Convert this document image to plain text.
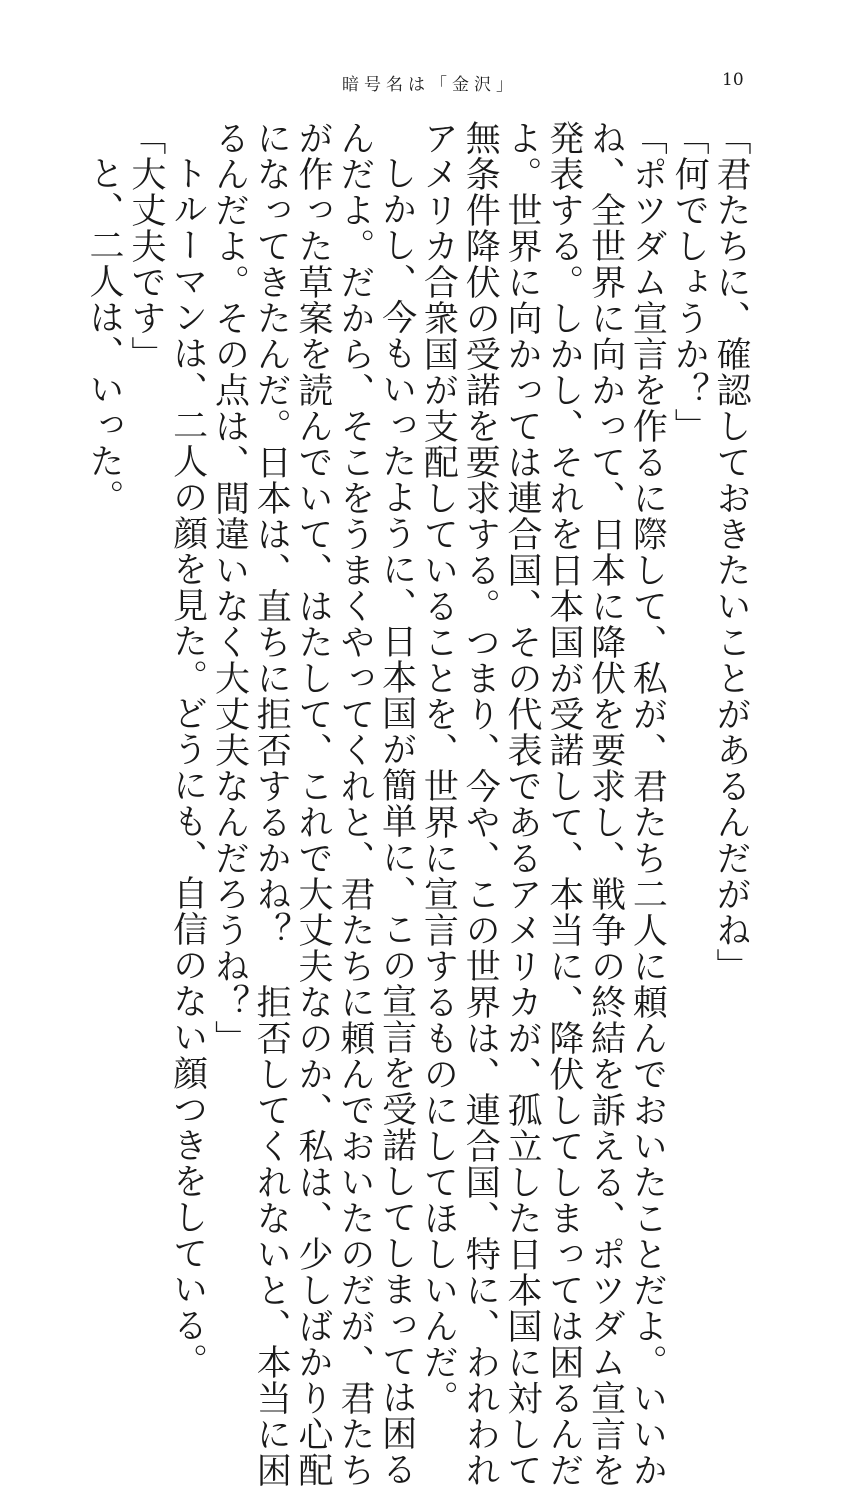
暗号名は「金沢」	10
「君たちに、確認しておきたいことがあるんだがね」
「何でしょうか？」
「ポツダム宣言を作るに際して、私が、君たち二人に頼んでおいたことだよ。いいか
ね、全世界に向かって、日本に降伏を要求し、戦争の終結を訴える、ポツダム宣言を
発表する。しかし、それを日本国が受諾して、本当に、降伏してしまっては困るんだ
よ。世界に向かっては連合国、その代表であるアメリカが、孤立した日本国に対して
無条件降伏の受諾を要求する。つまり、今や、この世界は、連合国、特に、われわれ
アメリカ合衆国が支配していることを、世界に宣言するものにしてほしいんだ。
しかし、今もいったように、日本国が簡単に、この宣言を受諾してしまっては困る
んだよ。だから、そこをうまくやってくれと、君たちに頼んでおいたのだが、君たち
が作った草案を読んでいて、はたして、これで大丈夫なのか、私は、少しばかり心配
になってきたんだ。日本は、直ちに拒否するかね？　拒否してくれないと、本当に困
るんだよ。その点は、間違いなく大丈夫なんだろうね？」
トルーマンは、二人の顔を見た。どうにも、自信のない顔つきをしている。
「大丈夫です」
と、二人は、いった。
